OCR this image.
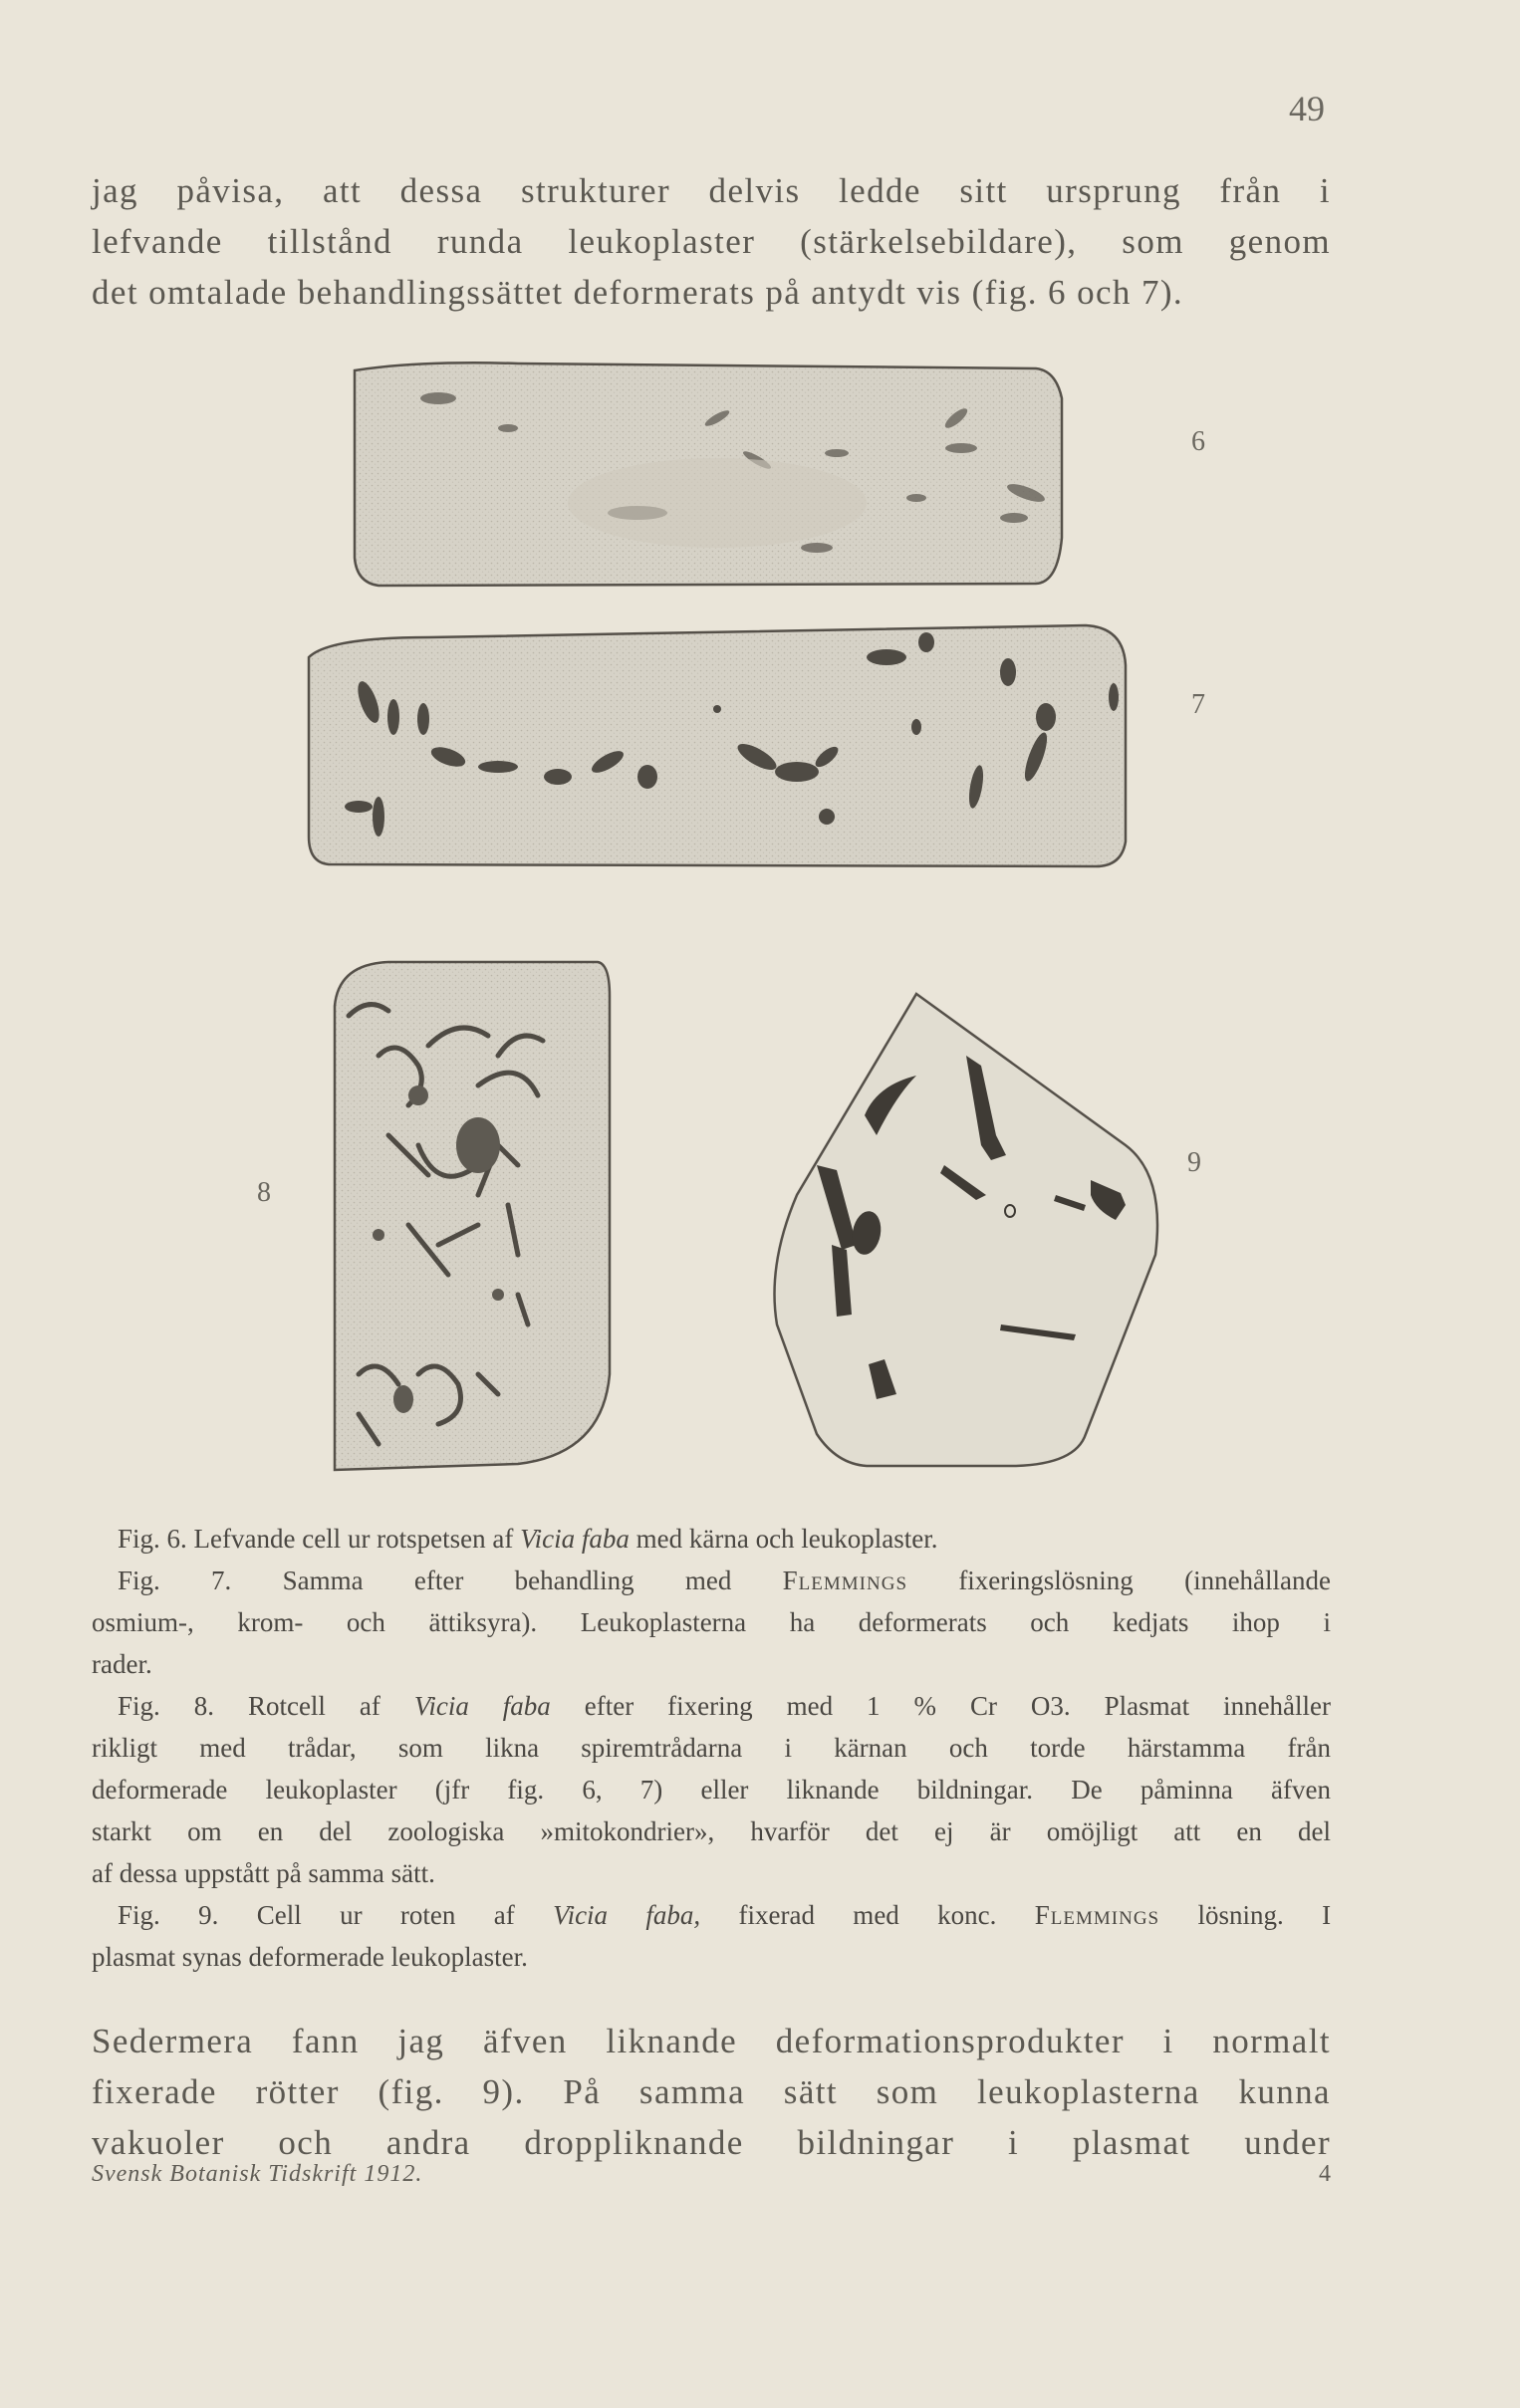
49
jag påvisa, att dessa strukturer delvis ledde sitt ursprung från i
lefvande tillstånd runda leukoplaster (stärkelsebildare), som genom
det omtalade behandlingssättet deformerats på antydt vis (fig. 6 och 7).
6
7
8
9
Fig. 6. Lefvande cell ur rotspetsen af Vicia faba med kärna och leukoplaster.
Fig. 7. Samma efter behandling med Flemmings fixeringslösning (innehållande
osmium-, krom- och ättiksyra). Leukoplasterna ha deformerats och kedjats ihop i
rader.
Fig. 8. Rotcell af Vicia faba efter fixering med 1 % Cr O3. Plasmat innehåller
rikligt med trådar, som likna spiremtrådarna i kärnan och torde härstamma från
deformerade leukoplaster (jfr fig. 6, 7) eller liknande bildningar. De påminna äfven
starkt om en del zoologiska »mitokondrier», hvarför det ej är omöjligt att en del
af dessa uppstått på samma sätt.
Fig. 9. Cell ur roten af Vicia faba, fixerad med konc. Flemmings lösning. I
plasmat synas deformerade leukoplaster.
Sedermera fann jag äfven liknande deformationsprodukter i normalt
fixerade rötter (fig. 9). På samma sätt som leukoplasterna kunna
vakuoler och andra droppliknande bildningar i plasmat under
Svensk Botanisk Tidskrift 1912.	4
